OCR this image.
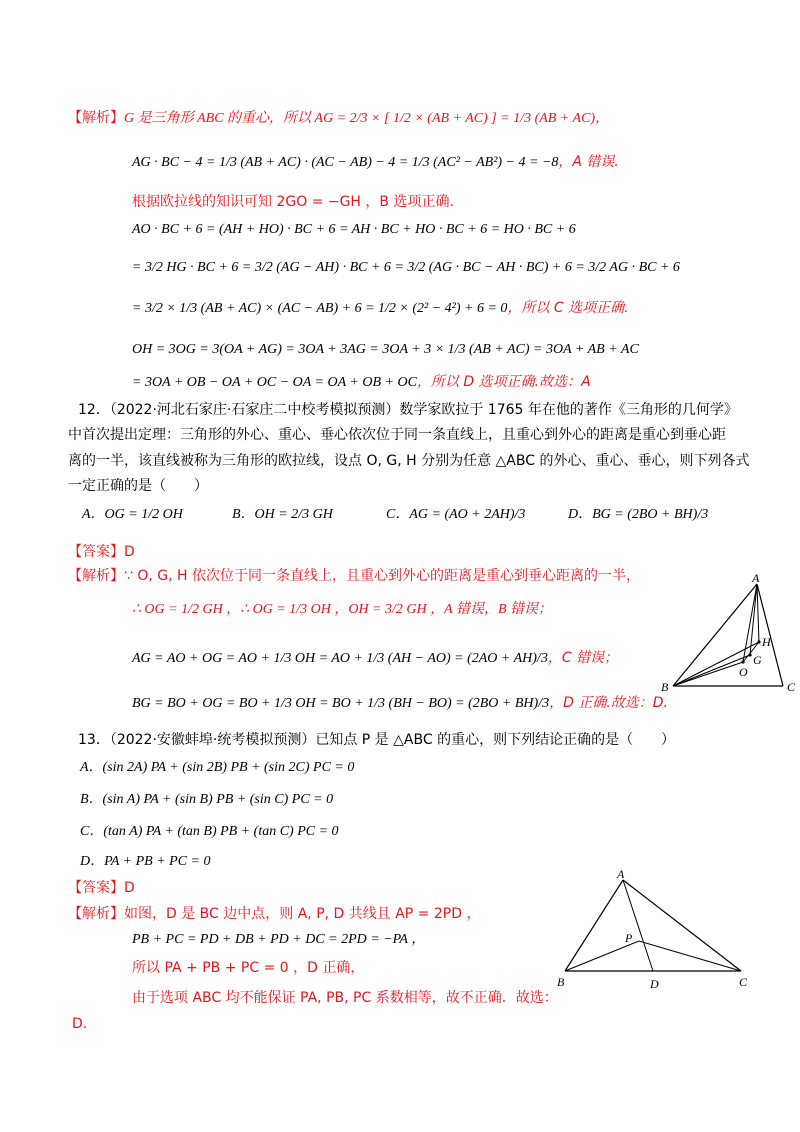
【解析】G 是三角形 ABC 的重心，所以 AG = 2/3 × [ 1/2 × (AB + AC) ] = 1/3 (AB + AC)，
AG · BC − 4 = 1/3 (AB + AC) · (AC − AB) − 4 = 1/3 (AC² − AB²) − 4 = −8，A 错误.
根据欧拉线的知识可知 2GO = −GH ，B 选项正确.
AO · BC + 6 = (AH + HO) · BC + 6 = AH · BC + HO · BC + 6 = HO · BC + 6
= 3/2 HG · BC + 6 = 3/2 (AG − AH) · BC + 6 = 3/2 (AG · BC − AH · BC) + 6 = 3/2 AG · BC + 6
= 3/2 × 1/3 (AB + AC) × (AC − AB) + 6 = 1/2 × (2² − 4²) + 6 = 0，所以 C 选项正确.
OH = 3OG = 3(OA + AG) = 3OA + 3AG = 3OA + 3 × 1/3 (AB + AC) = 3OA + AB + AC
= 3OA + OB − OA + OC − OA = OA + OB + OC，所以 D 选项正确.故选：A
12．（2022·河北石家庄·石家庄二中校考模拟预测）数学家欧拉于 1765 年在他的著作《三角形的几何学》
中首次提出定理：三角形的外心、重心、垂心依次位于同一条直线上，且重心到外心的距离是重心到垂心距
离的一半，该直线被称为三角形的欧拉线，设点 O, G, H 分别为任意 △ABC 的外心、重心、垂心，则下列各式
一定正确的是（　　）
A．OG = 1/2 OH	B．OH = 2/3 GH	C．AG = (AO + 2AH)/3	D．BG = (2BO + BH)/3
【答案】D
【解析】∵ O, G, H 依次位于同一条直线上，且重心到外心的距离是重心到垂心距离的一半，
∴ OG = 1/2 GH ，∴ OG = 1/3 OH ，OH = 3/2 GH ，A 错误，B 错误；
AG = AO + OG = AO + 1/3 OH = AO + 1/3 (AH − AO) = (2AO + AH)/3，C 错误；
BG = BO + OG = BO + 1/3 OH = BO + 1/3 (BH − BO) = (2BO + BH)/3，D 正确.故选：D.
A
B	C
H
G
O
13．（2022·安徽蚌埠·统考模拟预测）已知点 P 是 △ABC 的重心，则下列结论正确的是（　　）
A．(sin 2A) PA + (sin 2B) PB + (sin 2C) PC = 0
B．(sin A) PA + (sin B) PB + (sin C) PC = 0
C．(tan A) PA + (tan B) PB + (tan C) PC = 0
D．PA + PB + PC = 0
【答案】D
【解析】如图，D 是 BC 边中点，则 A, P, D 共线且 AP = 2PD ，
PB + PC = PD + DB + PD + DC = 2PD = −PA ，
所以 PA + PB + PC = 0 ，D 正确，
由于选项 ABC 均不能保证 PA, PB, PC 系数相等，故不正确．故选：
D.
A
B	C
D
P
